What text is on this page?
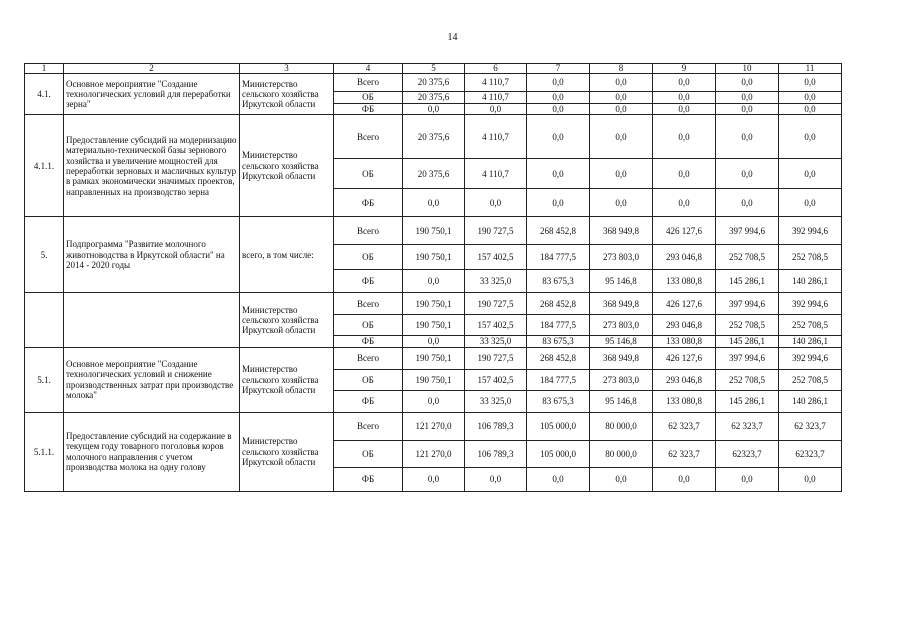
14
1	2	3	4	5	6	7	8	9	10	11
4.1.	Основное мероприятие "Создание технологических условий для переработки зерна"	Министерство сельского хозяйства Иркутской области	Всего	20 375,6	4 110,7	0,0	0,0	0,0	0,0	0,0
			ОБ	20 375,6	4 110,7	0,0	0,0	0,0	0,0	0,0
			ФБ	0,0	0,0	0,0	0,0	0,0	0,0	0,0
4.1.1.	Предоставление субсидий на модернизацию материально-технической базы зернового хозяйства и увеличение мощностей для переработки зерновых и масличных культур в рамках экономически значимых проектов, направленных на производство зерна	Министерство сельского хозяйства Иркутской области	Всего	20 375,6	4 110,7	0,0	0,0	0,0	0,0	0,0
			ОБ	20 375,6	4 110,7	0,0	0,0	0,0	0,0	0,0
			ФБ	0,0	0,0	0,0	0,0	0,0	0,0	0,0
5.	Подпрограмма "Развитие молочного животноводства в Иркутской области" на 2014 - 2020 годы	всего, в том числе:	Всего	190 750,1	190 727,5	268 452,8	368 949,8	426 127,6	397 994,6	392 994,6
			ОБ	190 750,1	157 402,5	184 777,5	273 803,0	293 046,8	252 708,5	252 708,5
			ФБ	0,0	33 325,0	83 675,3	95 146,8	133 080,8	145 286,1	140 286,1
		Министерство сельского хозяйства Иркутской области	Всего	190 750,1	190 727,5	268 452,8	368 949,8	426 127,6	397 994,6	392 994,6
			ОБ	190 750,1	157 402,5	184 777,5	273 803,0	293 046,8	252 708,5	252 708,5
			ФБ	0,0	33 325,0	83 675,3	95 146,8	133 080,8	145 286,1	140 286,1
5.1.	Основное мероприятие "Создание технологических условий и снижение производственных затрат при производстве молока"	Министерство сельского хозяйства Иркутской области	Всего	190 750,1	190 727,5	268 452,8	368 949,8	426 127,6	397 994,6	392 994,6
			ОБ	190 750,1	157 402,5	184 777,5	273 803,0	293 046,8	252 708,5	252 708,5
			ФБ	0,0	33 325,0	83 675,3	95 146,8	133 080,8	145 286,1	140 286,1
5.1.1.	Предоставление субсидий на содержание в текущем году товарного поголовья коров молочного направления с учетом производства молока на одну голову	Министерство сельского хозяйства Иркутской области	Всего	121 270,0	106 789,3	105 000,0	80 000,0	62 323,7	62 323,7	62 323,7
			ОБ	121 270,0	106 789,3	105 000,0	80 000,0	62 323,7	62323,7	62323,7
			ФБ	0,0	0,0	0,0	0,0	0,0	0,0	0,0
